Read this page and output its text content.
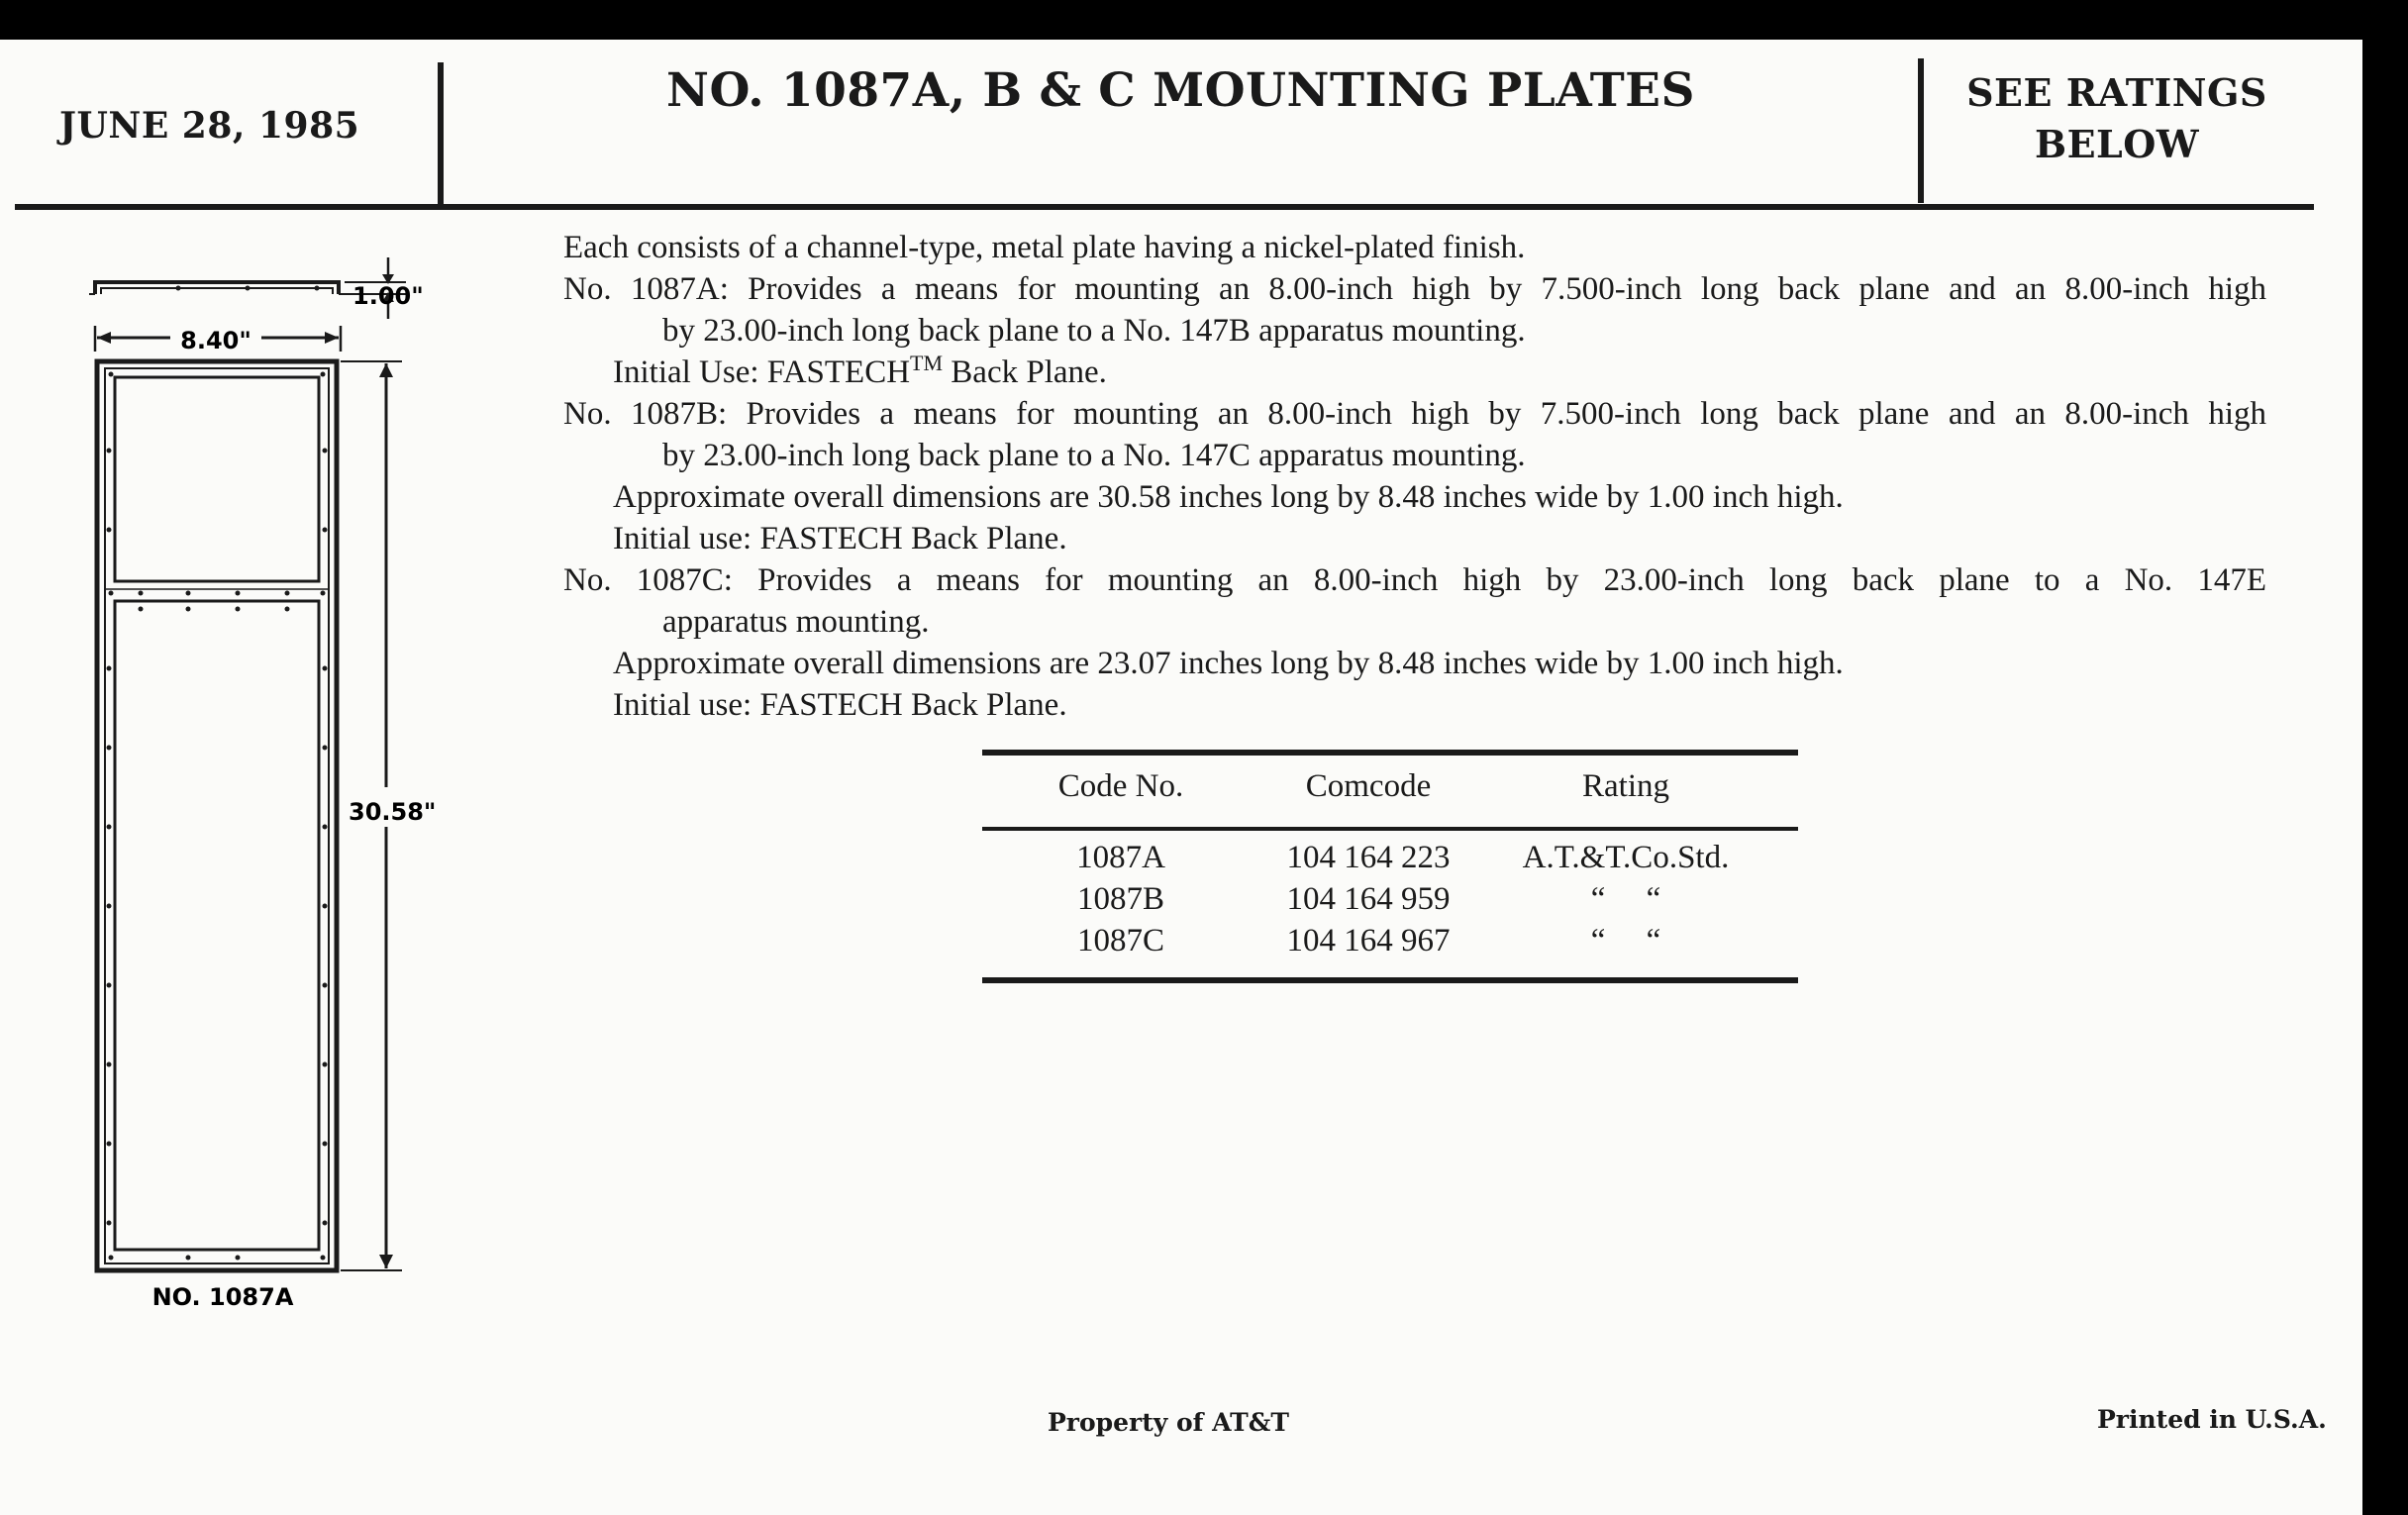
JUNE 28, 1985
NO. 1087A, B & C MOUNTING PLATES	SEE RATINGS
BELOW
8.40"
1.00"
30.58"
NO. 1087A
Each consists of a channel-type, metal plate having a nickel-plated finish.
No. 1087A: Provides a means for mounting an 8.00-inch high by 7.500-inch long back plane and an 8.00-inch high
by 23.00-inch long back plane to a No. 147B apparatus mounting.
Initial Use: FASTECH™ Back Plane.
No. 1087B: Provides a means for mounting an 8.00-inch high by 7.500-inch long back plane and an 8.00-inch high
by 23.00-inch long back plane to a No. 147C apparatus mounting.
Approximate overall dimensions are 30.58 inches long by 8.48 inches wide by 1.00 inch high.
Initial use: FASTECH Back Plane.
No. 1087C: Provides a means for mounting an 8.00-inch high by 23.00-inch long back plane to a No. 147E
apparatus mounting.
Approximate overall dimensions are 23.07 inches long by 8.48 inches wide by 1.00 inch high.
Initial use: FASTECH Back Plane.
Code No.	Comcode	Rating
1087A	104 164 223	A.T.&T.Co.Std.
1087B	104 164 959	“     “
1087C	104 164 967	“     “
Property of AT&T	Printed in U.S.A.
